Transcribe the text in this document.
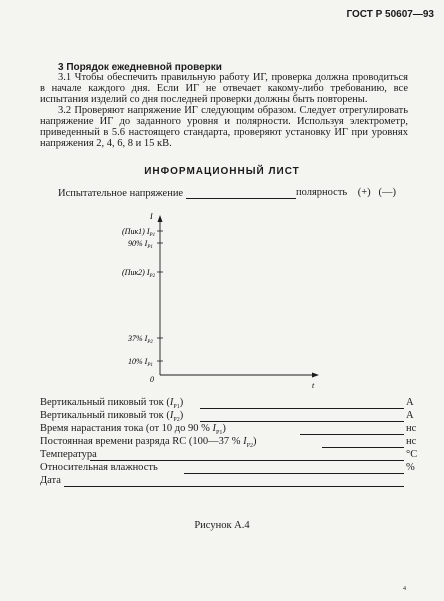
ГОСТ Р 50607—93
3 Порядок ежедневной проверки
3.1 Чтобы обеспечить правильную работу ИГ, проверка должна проводиться в начале каждого дня. Если ИГ не отвечает какому-либо требованию, все испытания изделий со дня последней проверки должны быть повторены.
3.2 Проверяют напряжение ИГ следующим образом. Следует отрегулировать напряжение ИГ до заданного уровня и полярности. Используя электрометр, приведенный в 5.6 настоящего стандарта, проверяют установку ИГ при уровнях напряжения 2, 4, 6, 8 и 15 кВ.
ИНФОРМАЦИОННЫЙ ЛИСТ
Испытательное напряжение	полярность (+) (—)
I
t
0
(Пик1) $I_{P1}$
90% $I_{P1}$
(Пик2) $I_{P2}$
37% $I_{P2}$
10% $I_{P1}$
Вертикальный пиковый ток $(I_{P1})$	А
Вертикальный пиковый ток $(I_{P2})$	А
Время нарастания тока (от 10 до 90 % $I_{P1}$)	нс
Постоянная времени разряда RC (100—37 % $I_{P2}$)	нс
Температура	°С
Относительная влажность	%
Дата
Рисунок А.4
4
